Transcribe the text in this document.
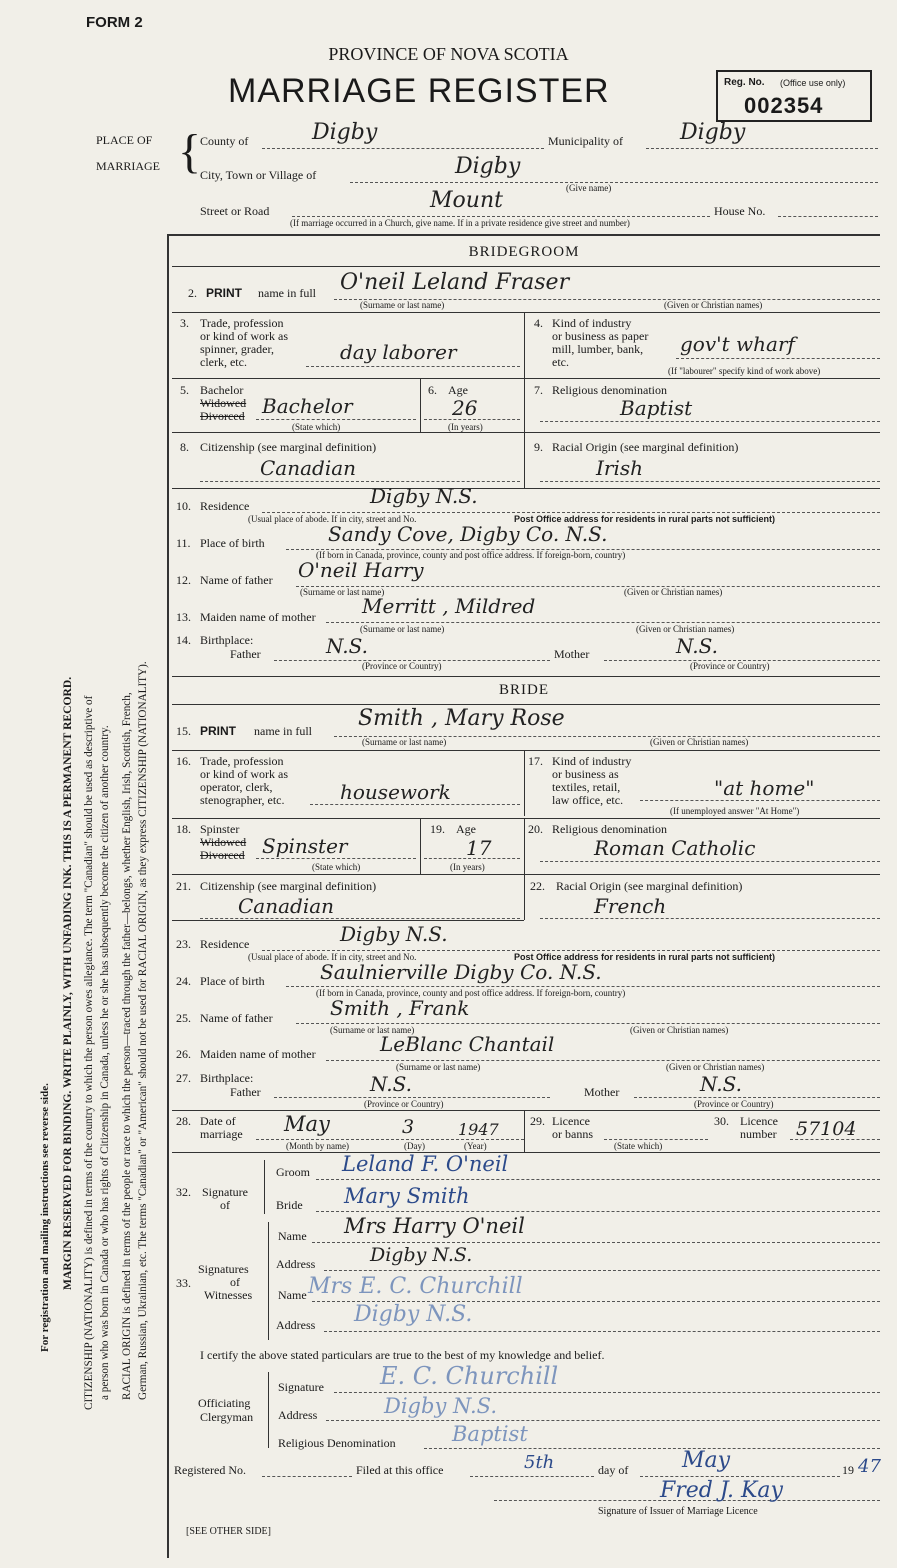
FORM 2
PROVINCE OF NOVA SCOTIA
MARRIAGE REGISTER	Reg. No. (Office use only)
002354
PLACE OF
MARRIAGE {
County of	Digby	Municipality of	Digby
City, Town or Village of	Digby
(Give name)
Street or Road	Mount	House No.
(If marriage occurred in a Church, give name. If in a private residence give street and number)
For registration and mailing instructions see reverse side. MARGIN RESERVED FOR BINDING. WRITE PLAINLY, WITH UNFADING INK. THIS IS A PERMANENT RECORD. CITIZENSHIP (NATIONALITY) is defined in terms of the country to which the person owes allegiance. The term "Canadian" should be used as descriptive of a person who was born in Canada or who has rights of Citizenship in Canada, unless he or she has subsequently become the citizen of another country. RACIAL ORIGIN is defined in terms of the people or race to which the person—traced through the father—belongs, whether English, Irish, Scottish, French, German, Russian, Ukrainian, etc. The terms "Canadian" or "American" should not be used for RACIAL ORIGIN, as they express CITIZENSHIP (NATIONALITY).
BRIDEGROOM
2. PRINT name in full O'neil Leland Fraser
(Surname or last name)	(Given or Christian names)
3. Trade, profession
or kind of work as
spinner, grader,
clerk, etc.	day laborer
4. Kind of industry
or business as paper
mill, lumber, bank,
etc.
gov't wharf
(If "labourer" specify kind of work above)
5. Bachelor
Widowed
Divorced Bachelor
(State which)
6. Age
26
(In years)
7. Religious denomination
Baptist
8. Citizenship (see marginal definition)
Canadian
9. Racial Origin (see marginal definition)
Irish
10. Residence	Digby N.S.
(Usual place of abode. If in city, street and No.	Post Office address for residents in rural parts not sufficient)
11. Place of birth	Sandy Cove, Digby Co. N.S.
(If born in Canada, province, county and post office address. If foreign-born, country)
12. Name of father O'neil Harry
(Surname or last name)	(Given or Christian names)
13. Maiden name of mother Merritt , Mildred
(Surname or last name)	(Given or Christian names)
14. Birthplace:
Father	N.S.	Mother	N.S.
(Province or Country)	(Province or Country)
BRIDE
15. PRINT name in full Smith , Mary Rose
(Surname or last name)	(Given or Christian names)
16. Trade, profession
or kind of work as
operator, clerk,
stenographer, etc.	housework
17. Kind of industry
or business as
textiles, retail,
law office, etc.	"at home"
(If unemployed answer "At Home")
18. Spinster
Widowed
Divorced Spinster
(State which)
19. Age
17
(In years)
20. Religious denomination
Roman Catholic
21. Citizenship (see marginal definition)
Canadian
22. Racial Origin (see marginal definition)
French
23. Residence	Digby N.S.
(Usual place of abode. If in city, street and No.	Post Office address for residents in rural parts not sufficient)
24. Place of birth	Saulnierville Digby Co. N.S.
(If born in Canada, province, county and post office address. If foreign-born, country)
25. Name of father	Smith , Frank
(Surname or last name)	(Given or Christian names)
26. Maiden name of mother	LeBlanc Chantail
(Surname or last name)	(Given or Christian names)
27. Birthplace:
Father	N.S.	Mother	N.S.
(Province or Country)	(Province or Country)
28. Date of
marriage May	3	1947
(Month by name)	(Day)	(Year)
29. Licence
or banns
(State which)
30. Licence
number 57104
32. Signature
of
Groom Leland F. O'neil
Bride Mary Smith
33.
Signatures
of
Witnesses
Name Mrs Harry O'neil
Address	Digby N.S.
Name Mrs E. C. Churchill
Address Digby N.S.
I certify the above stated particulars are true to the best of my knowledge and belief.
Officiating
Clergyman
Signature E. C. Churchill
Address	Digby N.S.
Religious Denomination	Baptist
Registered No.	Filed at this office	5th	day of May	19 47
Fred J. Kay
Signature of Issuer of Marriage Licence
[SEE OTHER SIDE]
